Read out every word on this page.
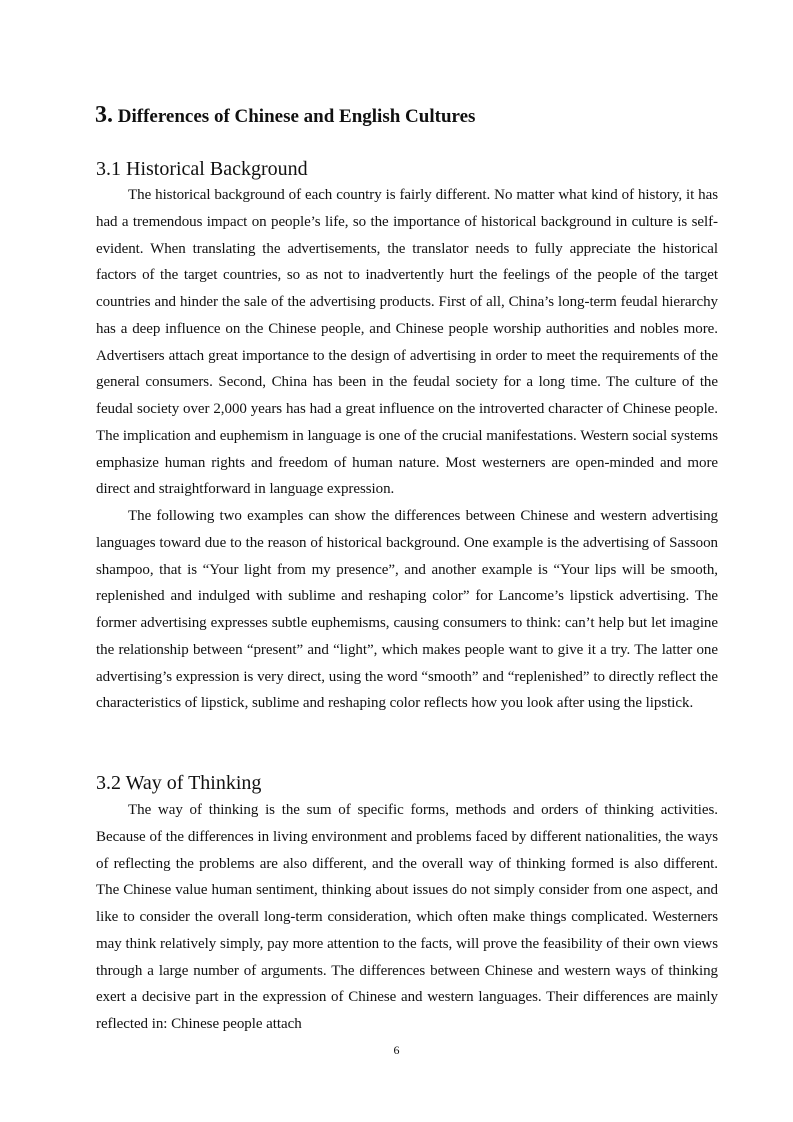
3. Differences of Chinese and English Cultures
3.1 Historical Background

The historical background of each country is fairly different. No matter what kind of history, it has had a tremendous impact on people’s life, so the importance of historical background in culture is self-evident. When translating the advertisements, the translator needs to fully appreciate the historical factors of the target countries, so as not to inadvertently hurt the feelings of the people of the target countries and hinder the sale of the advertising products. First of all, China’s long-term feudal hierarchy has a deep influence on the Chinese people, and Chinese people worship authorities and nobles more. Advertisers attach great importance to the design of advertising in order to meet the requirements of the general consumers. Second, China has been in the feudal society for a long time. The culture of the feudal society over 2,000 years has had a great influence on the introverted character of Chinese people. The implication and euphemism in language is one of the crucial manifestations. Western social systems emphasize human rights and freedom of human nature. Most westerners are open-minded and more direct and straightforward in language expression.

The following two examples can show the differences between Chinese and western advertising languages toward due to the reason of historical background. One example is the advertising of Sassoon shampoo, that is “Your light from my presence”, and another example is “Your lips will be smooth, replenished and indulged with sublime and reshaping color” for Lancome’s lipstick advertising. The former advertising expresses subtle euphemisms, causing consumers to think: can’t help but let imagine the relationship between “present” and “light”, which makes people want to give it a try. The latter one advertising’s expression is very direct, using the word “smooth” and “replenished” to directly reflect the characteristics of lipstick, sublime and reshaping color reflects how you look after using the lipstick.

3.2 Way of Thinking

The way of thinking is the sum of specific forms, methods and orders of thinking activities. Because of the differences in living environment and problems faced by different nationalities, the ways of reflecting the problems are also different, and the overall way of thinking formed is also different. The Chinese value human sentiment, thinking about issues do not simply consider from one aspect, and like to consider the overall long-term consideration, which often make things complicated. Westerners may think relatively simply, pay more attention to the facts, will prove the feasibility of their own views through a large number of arguments. The differences between Chinese and western ways of thinking exert a decisive part in the expression of Chinese and western languages. Their differences are mainly reflected in: Chinese people attach

6
